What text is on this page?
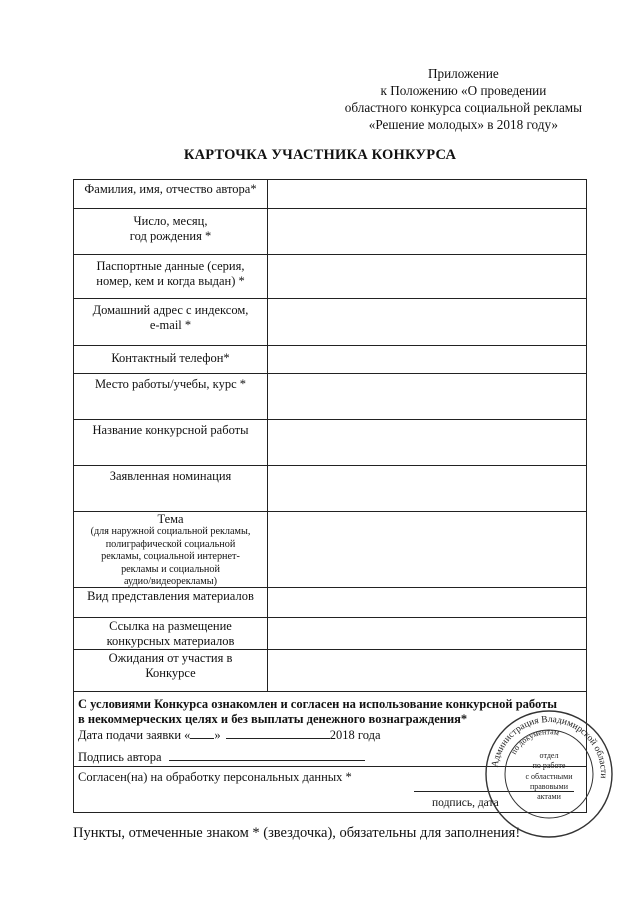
Приложение
к Положению «О проведении
областного конкурса социальной рекламы
«Решение молодых» в 2018 году»
КАРТОЧКА УЧАСТНИКА КОНКУРСА
Фамилия, имя, отчество автора*
Число, месяц,
год рождения *
Паспортные данные (серия,
номер, кем и когда выдан) *
Домашний адрес с индексом,
e-mail *
Контактный телефон*
Место работы/учебы, курс *
Название конкурсной работы
Заявленная номинация
Тема
(для наружной социальной рекламы,
полиграфической социальной
рекламы, социальной интернет-
рекламы и социальной
аудио/видеорекламы)
Вид представления материалов
Ссылка на размещение
конкурсных материалов
Ожидания от участия в
Конкурсе
С условиями Конкурса ознакомлен и согласен на использование конкурсной работы
в некоммерческих целях и без выплаты денежного вознаграждения*
Дата подачи заявки « »	2018 года
Подпись автора
Согласен(на) на обработку персональных данных *
подпись, дата
Пункты, отмеченные знаком * (звездочка), обязательны для заполнения!
Администрация Владимирской области
по документам
отдел
по работе
с областными
правовыми
актами
